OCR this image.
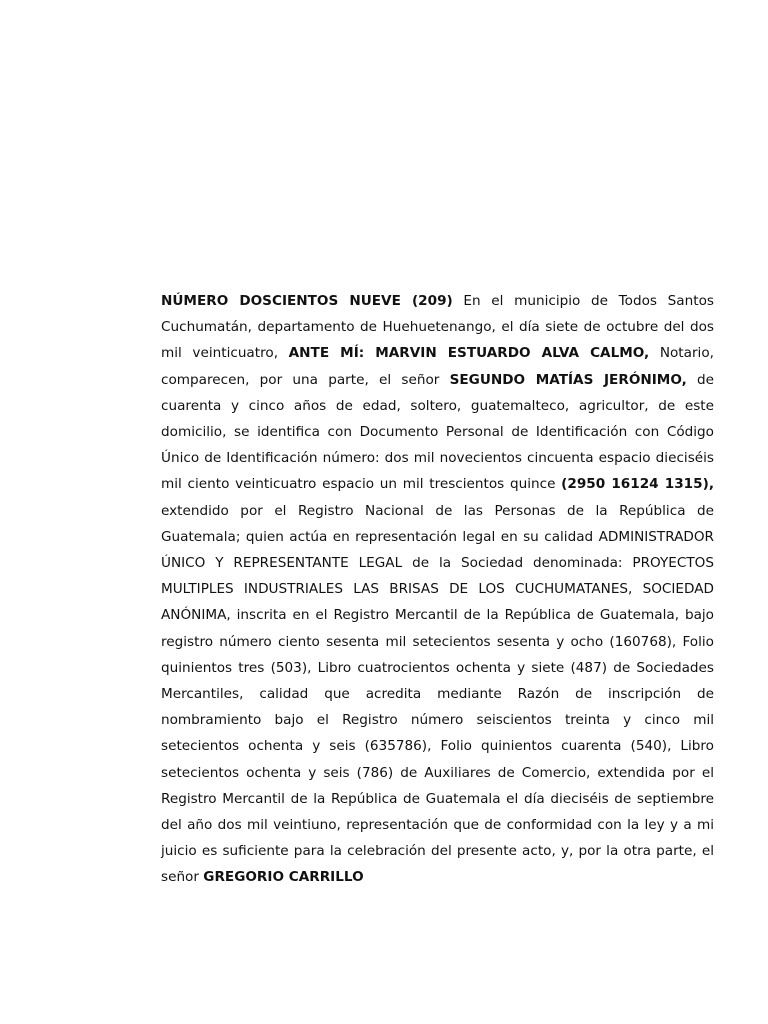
NÚMERO DOSCIENTOS NUEVE (209) En el municipio de Todos Santos Cuchumatán, departamento de Huehuetenango, el día siete de octubre del dos mil veinticuatro, ANTE MÍ: MARVIN ESTUARDO ALVA CALMO, Notario, comparecen, por una parte, el señor SEGUNDO MATÍAS JERÓNIMO, de cuarenta y cinco años de edad, soltero, guatemalteco, agricultor, de este domicilio, se identifica con Documento Personal de Identificación con Código Único de Identificación número: dos mil novecientos cincuenta espacio dieciséis mil ciento veinticuatro espacio un mil trescientos quince (2950 16124 1315), extendido por el Registro Nacional de las Personas de la República de Guatemala; quien actúa en representación legal en su calidad ADMINISTRADOR ÚNICO Y REPRESENTANTE LEGAL de la Sociedad denominada: PROYECTOS MULTIPLES INDUSTRIALES LAS BRISAS DE LOS CUCHUMATANES, SOCIEDAD ANÓNIMA, inscrita en el Registro Mercantil de la República de Guatemala, bajo registro número ciento sesenta mil setecientos sesenta y ocho (160768), Folio quinientos tres (503), Libro cuatrocientos ochenta y siete (487) de Sociedades Mercantiles, calidad que acredita mediante Razón de inscripción de nombramiento bajo el Registro número seiscientos treinta y cinco mil setecientos ochenta y seis (635786), Folio quinientos cuarenta (540), Libro setecientos ochenta y seis (786) de Auxiliares de Comercio, extendida por el Registro Mercantil de la República de Guatemala el día dieciséis de septiembre del año dos mil veintiuno, representación que de conformidad con la ley y a mi juicio es suficiente para la celebración del presente acto, y, por la otra parte, el señor GREGORIO CARRILLO
